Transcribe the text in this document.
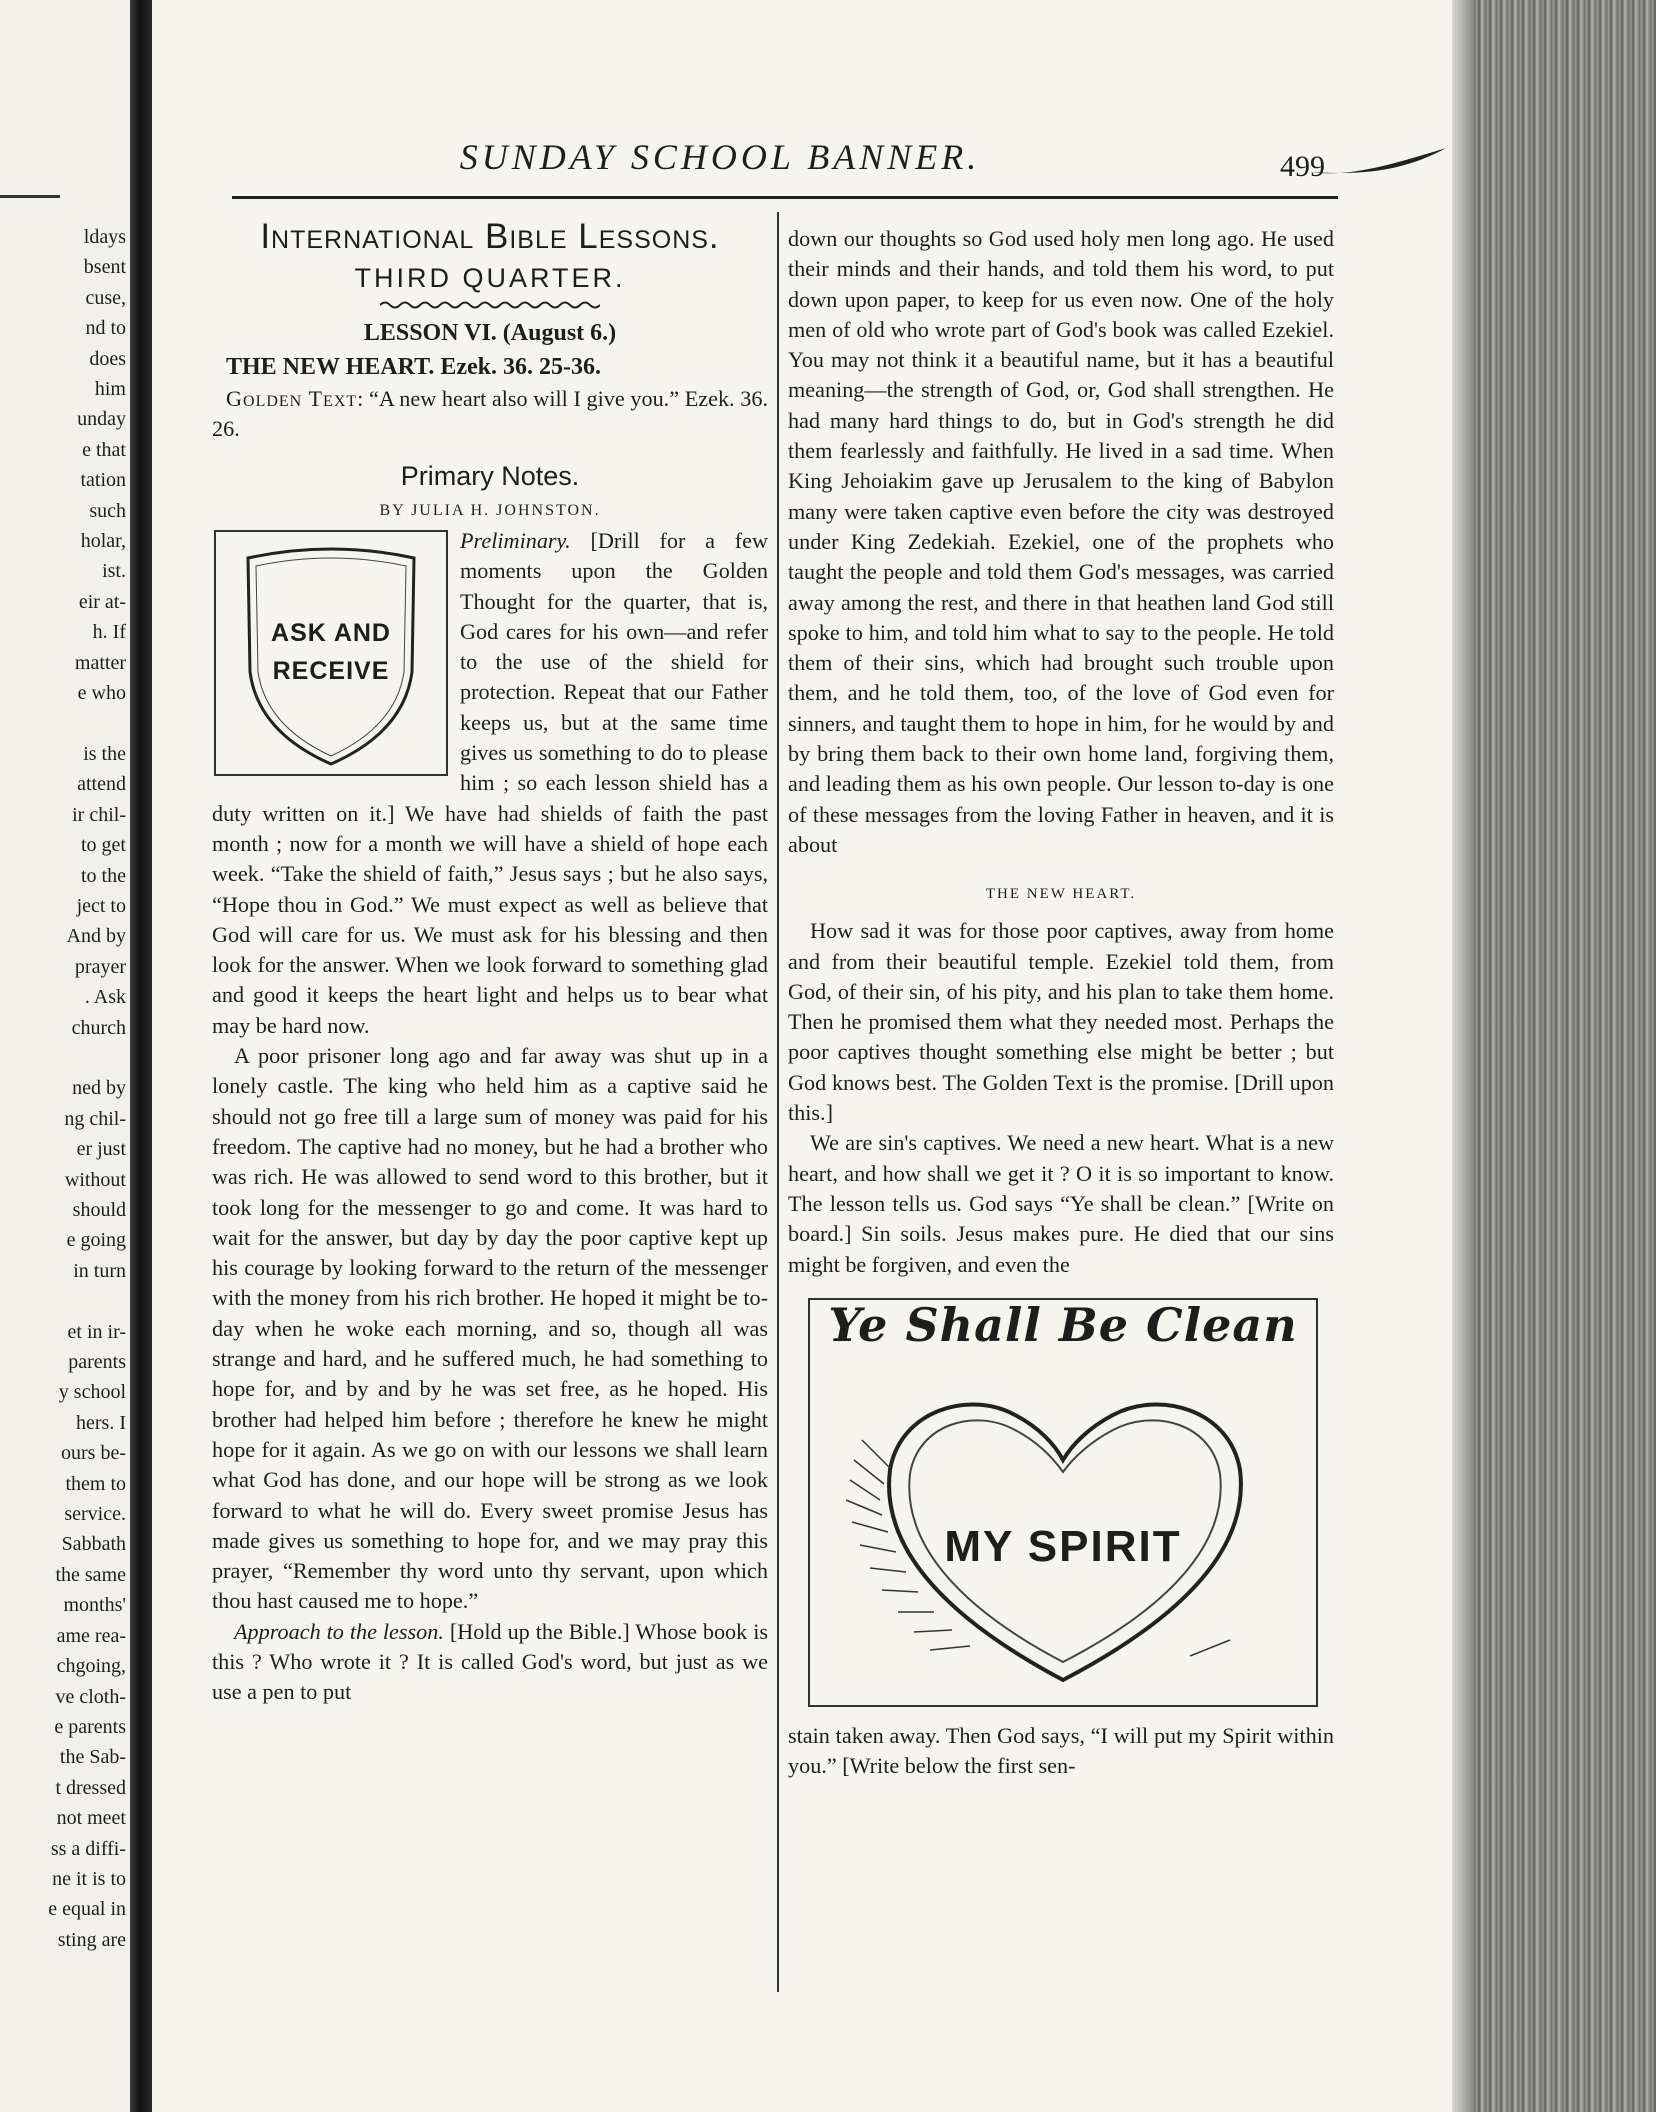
ldays
bsent
cuse,
nd to
does
him
unday
e that
tation
such
holar,
ist.
eir at-
h. If
matter
e who

is the
attend
ir chil-
to get
to the
ject to
And by
prayer
. Ask
church

ned by
ng chil-
er just
without
should
e going
in turn

et in ir-
parents
y school
hers. I
ours be-
them to
service.
Sabbath
the same
months'
ame rea-
chgoing,
ve cloth-
e parents
the Sab-
t dressed
not meet
ss a diffi-
ne it is to
e equal in
sting are
SUNDAY SCHOOL BANNER.	499
International Bible Lessons.
THIRD QUARTER.
LESSON VI. (August 6.)
THE NEW HEART. Ezek. 36. 25-36.

Golden Text: “A new heart also will I give you.” Ezek. 36. 26.

Primary Notes.
BY JULIA H. JOHNSTON.
ASK AND
RECEIVE

Preliminary. [Drill for a few moments upon the Golden Thought for the quarter, that is, God cares for his own—and refer to the use of the shield for protection. Repeat that our Father keeps us, but at the same time gives us something to do to please him ; so each lesson shield has a duty written on it.] We have had shields of faith the past month ; now for a month we will have a shield of hope each week. “Take the shield of faith,” Jesus says ; but he also says, “Hope thou in God.” We must expect as well as believe that God will care for us. We must ask for his blessing and then look for the answer. When we look forward to something glad and good it keeps the heart light and helps us to bear what may be hard now.

A poor prisoner long ago and far away was shut up in a lonely castle. The king who held him as a captive said he should not go free till a large sum of money was paid for his freedom. The captive had no money, but he had a brother who was rich. He was allowed to send word to this brother, but it took long for the messenger to go and come. It was hard to wait for the answer, but day by day the poor captive kept up his courage by looking forward to the return of the messenger with the money from his rich brother. He hoped it might be to-day when he woke each morning, and so, though all was strange and hard, and he suffered much, he had something to hope for, and by and by he was set free, as he hoped. His brother had helped him before ; therefore he knew he might hope for it again. As we go on with our lessons we shall learn what God has done, and our hope will be strong as we look forward to what he will do. Every sweet promise Jesus has made gives us something to hope for, and we may pray this prayer, “Remember thy word unto thy servant, upon which thou hast caused me to hope.”

Approach to the lesson. [Hold up the Bible.] Whose book is this ? Who wrote it ? It is called God's word, but just as we use a pen to put

down our thoughts so God used holy men long ago. He used their minds and their hands, and told them his word, to put down upon paper, to keep for us even now. One of the holy men of old who wrote part of God's book was called Ezekiel. You may not think it a beautiful name, but it has a beautiful meaning—the strength of God, or, God shall strengthen. He had many hard things to do, but in God's strength he did them fearlessly and faithfully. He lived in a sad time. When King Jehoiakim gave up Jerusalem to the king of Babylon many were taken captive even before the city was destroyed under King Zedekiah. Ezekiel, one of the prophets who taught the people and told them God's messages, was carried away among the rest, and there in that heathen land God still spoke to him, and told him what to say to the people. He told them of their sins, which had brought such trouble upon them, and he told them, too, of the love of God even for sinners, and taught them to hope in him, for he would by and by bring them back to their own home land, forgiving them, and leading them as his own people. Our lesson to-day is one of these messages from the loving Father in heaven, and it is about

THE NEW HEART.

How sad it was for those poor captives, away from home and from their beautiful temple. Ezekiel told them, from God, of their sin, of his pity, and his plan to take them home. Then he promised them what they needed most. Perhaps the poor captives thought something else might be better ; but God knows best. The Golden Text is the promise. [Drill upon this.]

We are sin's captives. We need a new heart. What is a new heart, and how shall we get it ? O it is so important to know. The lesson tells us. God says “Ye shall be clean.” [Write on board.] Sin soils. Jesus makes pure. He died that our sins might be forgiven, and even the

Ye Shall Be Clean
MY SPIRIT

stain taken away. Then God says, “I will put my Spirit within you.” [Write below the first sen-
